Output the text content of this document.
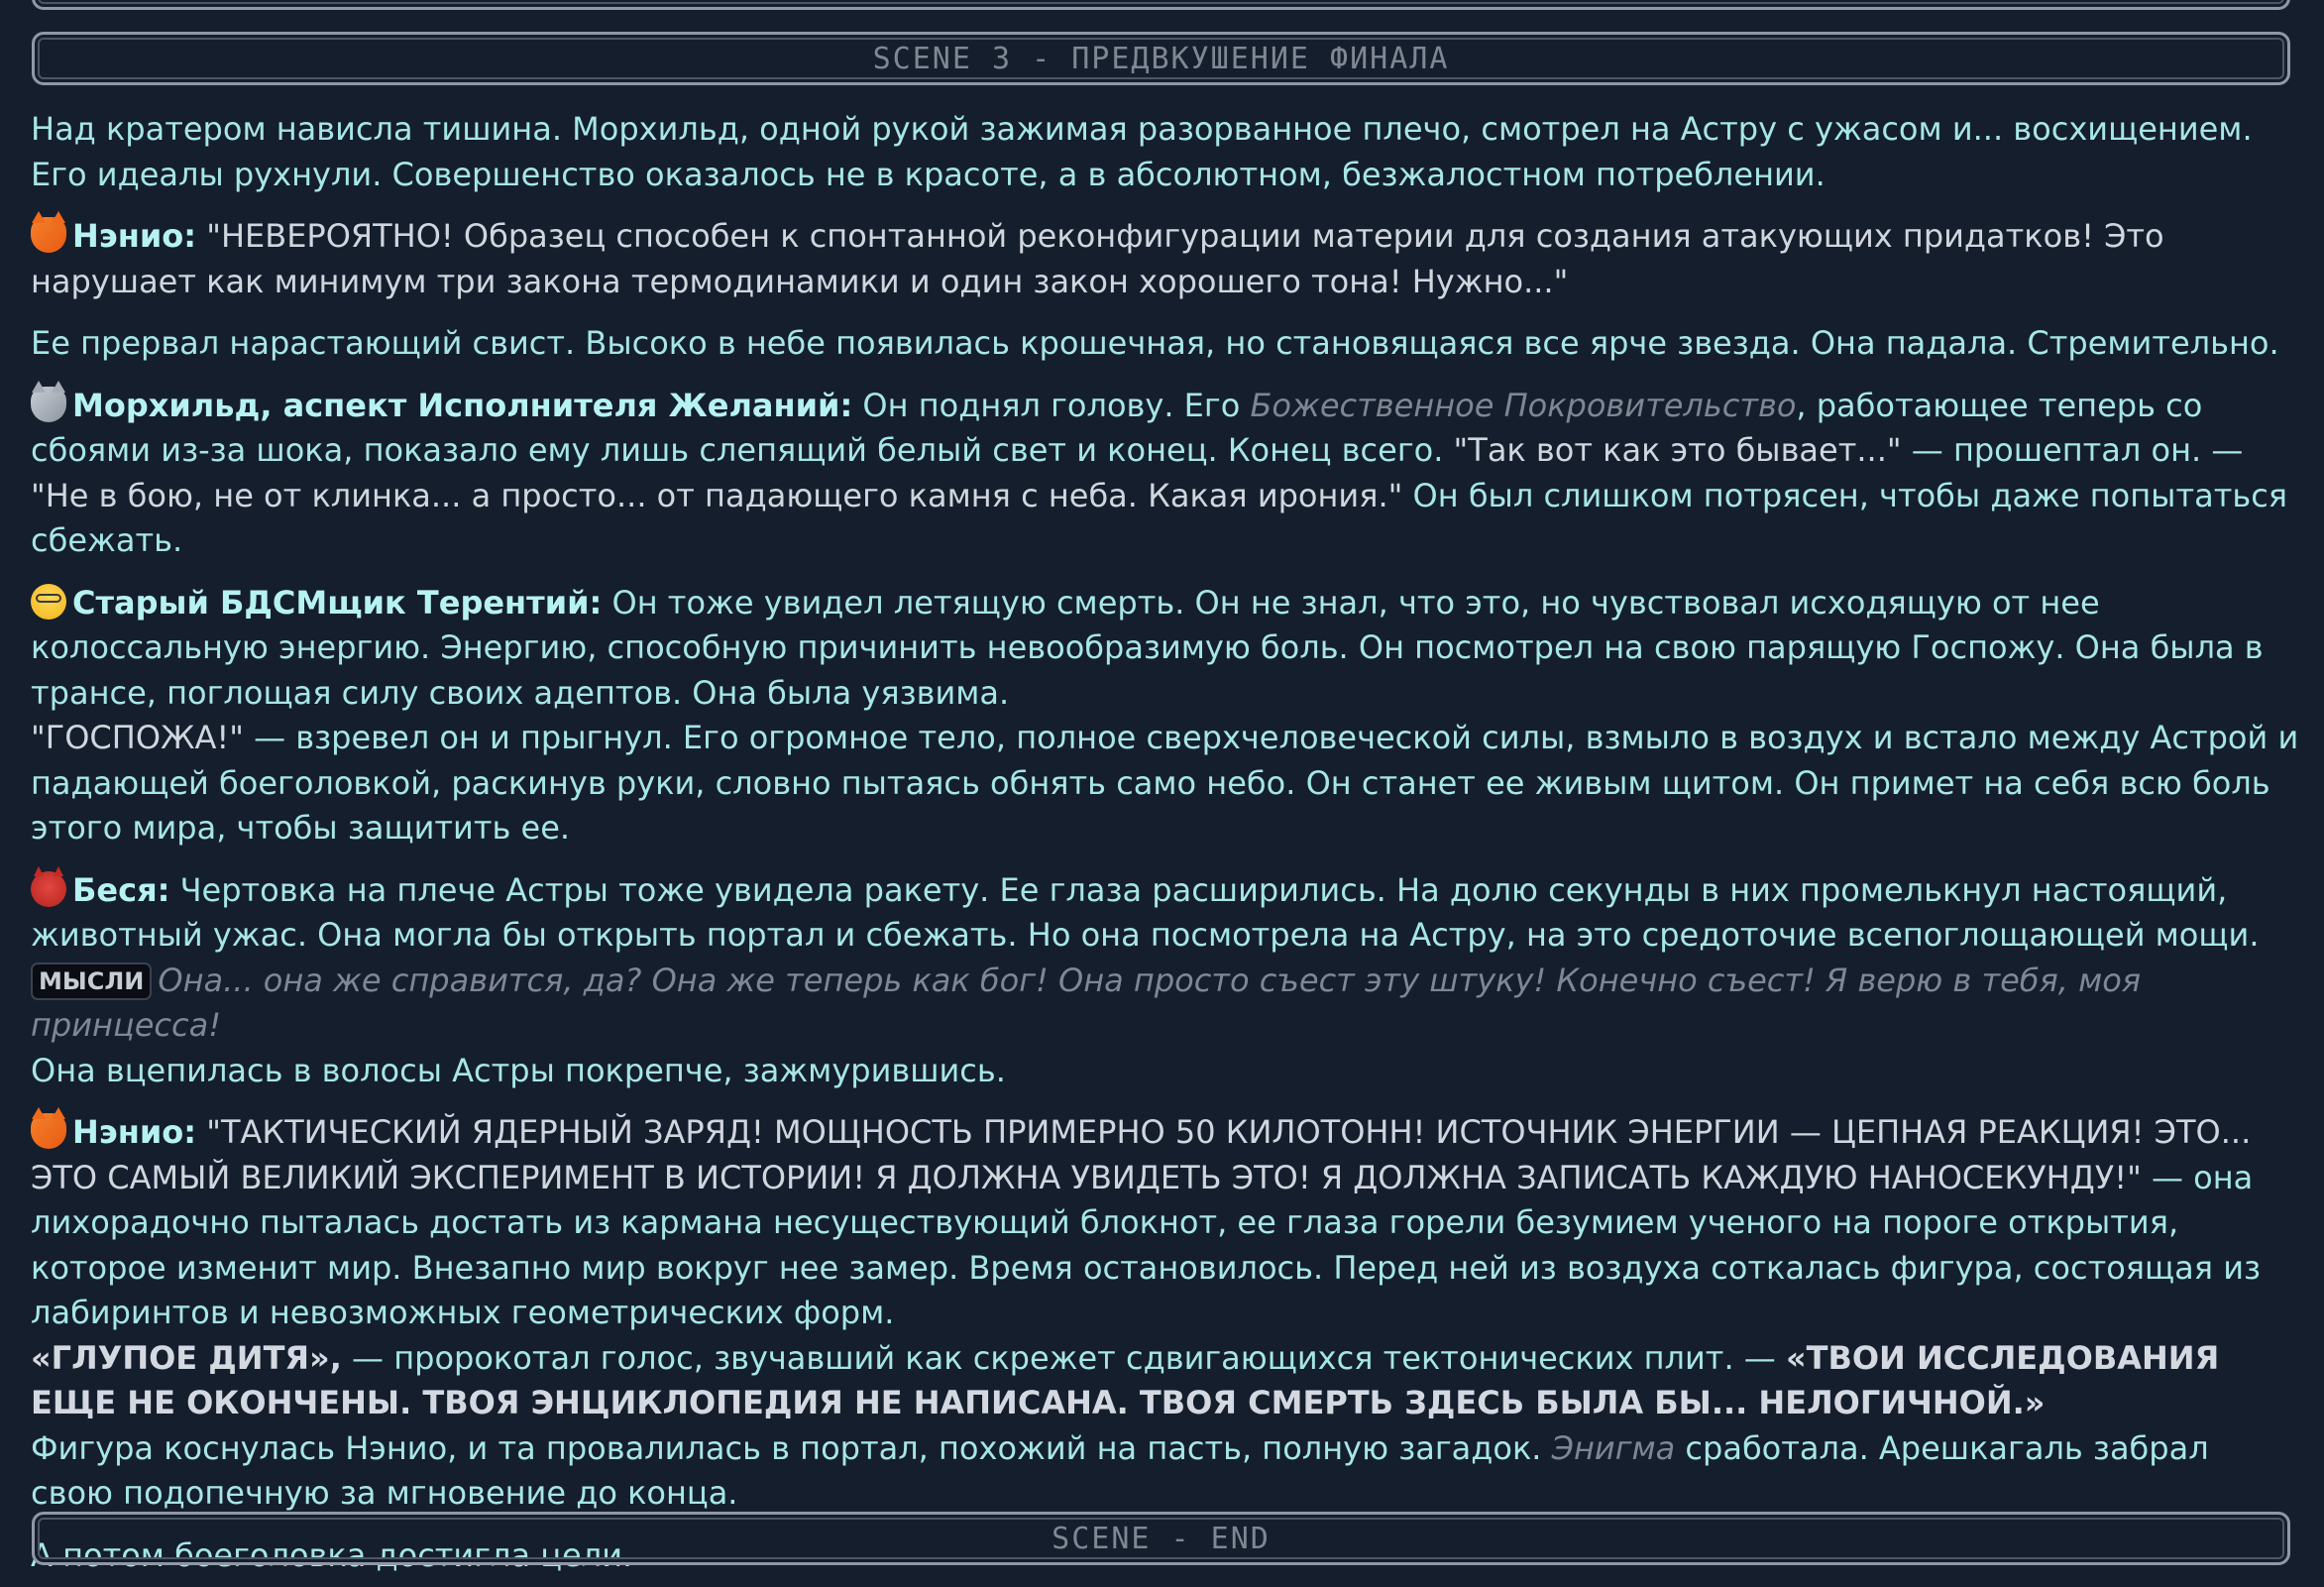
SCENE 3 - ПРЕДВКУШЕНИЕ ФИНАЛА

Над кратером нависла тишина. Морхильд, одной рукой зажимая разорванное плечо, смотрел на Астру с ужасом и... восхищением. Его идеалы рухнули. Совершенство оказалось не в красоте, а в абсолютном, безжалостном потреблении.

Нэнио: "НЕВЕРОЯТНО! Образец способен к спонтанной реконфигурации материи для создания атакующих придатков! Это нарушает как минимум три закона термодинамики и один закон хорошего тона! Нужно..."

Ее прервал нарастающий свист. Высоко в небе появилась крошечная, но становящаяся все ярче звезда. Она падала. Стремительно.

Морхильд, аспект Исполнителя Желаний: Он поднял голову. Его Божественное Покровительство, работающее теперь со сбоями из-за шока, показало ему лишь слепящий белый свет и конец. Конец всего. "Так вот как это бывает..." — прошептал он. — "Не в бою, не от клинка... а просто... от падающего камня с неба. Какая ирония." Он был слишком потрясен, чтобы даже попытаться сбежать.

Старый БДСМщик Терентий: Он тоже увидел летящую смерть. Он не знал, что это, но чувствовал исходящую от нее колоссальную энергию. Энергию, способную причинить невообразимую боль. Он посмотрел на свою парящую Госпожу. Она была в трансе, поглощая силу своих адептов. Она была уязвима.
"ГОСПОЖА!" — взревел он и прыгнул. Его огромное тело, полное сверхчеловеческой силы, взмыло в воздух и встало между Астрой и падающей боеголовкой, раскинув руки, словно пытаясь обнять само небо. Он станет ее живым щитом. Он примет на себя всю боль этого мира, чтобы защитить ее.

Беся: Чертовка на плече Астры тоже увидела ракету. Ее глаза расширились. На долю секунды в них промелькнул настоящий, животный ужас. Она могла бы открыть портал и сбежать. Но она посмотрела на Астру, на это средоточие всепоглощающей мощи.
МЫСЛИ Она... она же справится, да? Она же теперь как бог! Она просто съест эту штуку! Конечно съест! Я верю в тебя, моя принцесса!
Она вцепилась в волосы Астры покрепче, зажмурившись.

Нэнио: "ТАКТИЧЕСКИЙ ЯДЕРНЫЙ ЗАРЯД! МОЩНОСТЬ ПРИМЕРНО 50 КИЛОТОНН! ИСТОЧНИК ЭНЕРГИИ — ЦЕПНАЯ РЕАКЦИЯ! ЭТО... ЭТО САМЫЙ ВЕЛИКИЙ ЭКСПЕРИМЕНТ В ИСТОРИИ! Я ДОЛЖНА УВИДЕТЬ ЭТО! Я ДОЛЖНА ЗАПИСАТЬ КАЖДУЮ НАНОСЕКУНДУ!" — она лихорадочно пыталась достать из кармана несуществующий блокнот, ее глаза горели безумием ученого на пороге открытия, которое изменит мир. Внезапно мир вокруг нее замер. Время остановилось. Перед ней из воздуха соткалась фигура, состоящая из лабиринтов и невозможных геометрических форм.
«ГЛУПОЕ ДИТЯ», — пророкотал голос, звучавший как скрежет сдвигающихся тектонических плит. — «ТВОИ ИССЛЕДОВАНИЯ ЕЩЕ НЕ ОКОНЧЕНЫ. ТВОЯ ЭНЦИКЛОПЕДИЯ НЕ НАПИСАНА. ТВОЯ СМЕРТЬ ЗДЕСЬ БЫЛА БЫ... НЕЛОГИЧНОЙ.»
Фигура коснулась Нэнио, и та провалилась в портал, похожий на пасть, полную загадок. Энигма сработала. Арешкагаль забрал свою подопечную за мгновение до конца.

А потом боеголовка достигла цели.	SCENE - END
